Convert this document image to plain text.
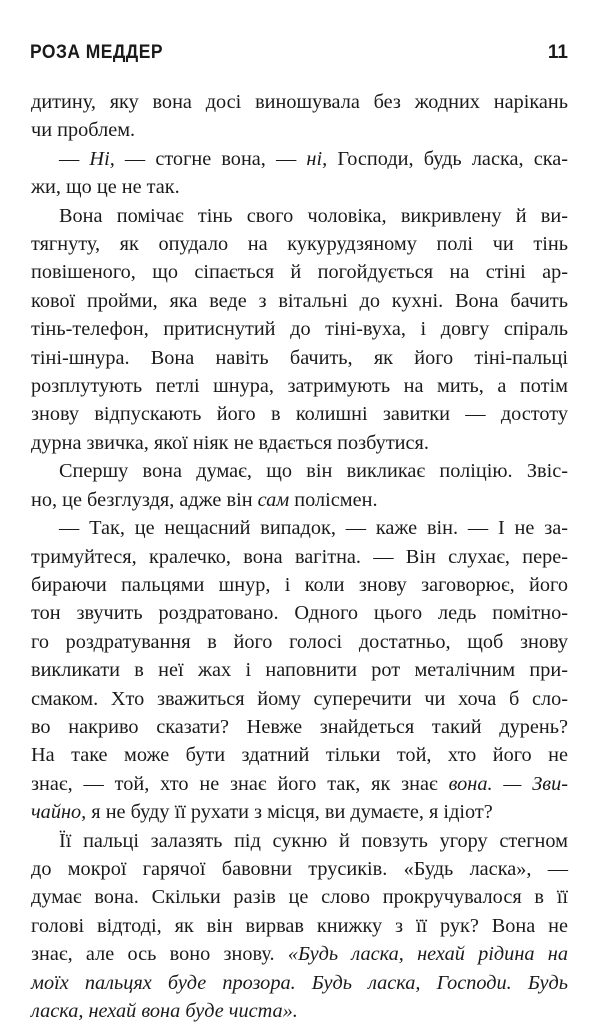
РОЗА МЕДДЕР	11

дитину, яку вона досі виношувала без жодних нарікань
чи проблем.

— Ні, — стогне вона, — ні, Господи, будь ласка, ска-
жи, що це не так.

Вона помічає тінь свого чоловіка, викривлену й ви-
тягнуту, як опудало на кукурудзяному полі чи тінь
повішеного, що сіпається й погойдується на стіні ар-
кової пройми, яка веде з вітальні до кухні. Вона бачить
тінь-телефон, притиснутий до тіні-вуха, і довгу спіраль
тіні-шнура. Вона навіть бачить, як його тіні-пальці
розплутують петлі шнура, затримують на мить, а потім
знову відпускають його в колишні завитки — достоту
дурна звичка, якої ніяк не вдається позбутися.

Спершу вона думає, що він викликає поліцію. Звіс-
но, це безглуздя, адже він сам полісмен.

— Так, це нещасний випадок, — каже він. — І не за-
тримуйтеся, кралечко, вона вагітна. — Він слухає, пере-
бираючи пальцями шнур, і коли знову заговорює, його
тон звучить роздратовано. Одного цього ледь помітно-
го роздратування в його голосі достатньо, щоб знову
викликати в неї жах і наповнити рот металічним при-
смаком. Хто зважиться йому суперечити чи хоча б сло-
во накриво сказати? Невже знайдеться такий дурень?
На таке може бути здатний тільки той, хто його не
знає, — той, хто не знає його так, як знає вона. — Зви-
чайно, я не буду її рухати з місця, ви думаєте, я ідіот?

Її пальці залазять під сукню й повзуть угору стегном
до мокрої гарячої бавовни трусиків. «Будь ласка», —
думає вона. Скільки разів це слово прокручувалося в її
голові відтоді, як він вирвав книжку з її рук? Вона не
знає, але ось воно знову. «Будь ласка, нехай рідина на
моїх пальцях буде прозора. Будь ласка, Господи. Будь
ласка, нехай вона буде чиста».
